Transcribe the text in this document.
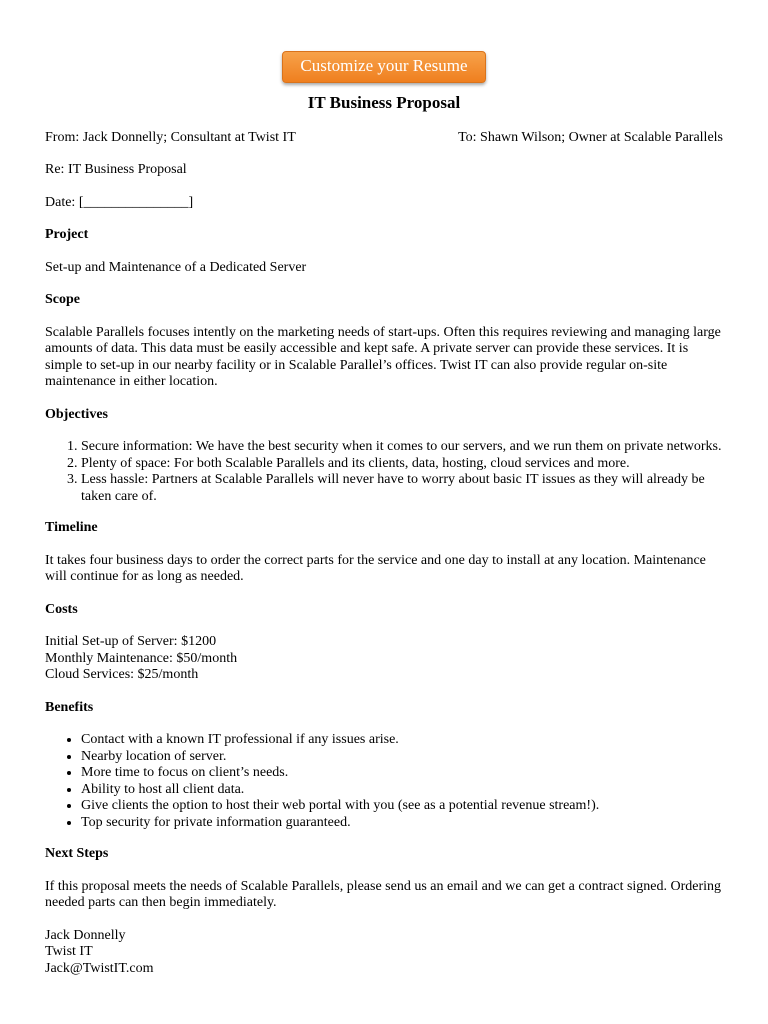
Customize your Resume
IT Business Proposal
From: Jack Donnelly; Consultant at Twist IT	To: Shawn Wilson; Owner at Scalable Parallels

Re: IT Business Proposal

Date: [_______________]

Project

Set-up and Maintenance of a Dedicated Server

Scope

Scalable Parallels focuses intently on the marketing needs of start-ups. Often this requires reviewing and managing large amounts of data. This data must be easily accessible and kept safe. A private server can provide these services. It is simple to set-up in our nearby facility or in Scalable Parallel’s offices. Twist IT can also provide regular on-site maintenance in either location.

Objectives
1. Secure information: We have the best security when it comes to our servers, and we run them on private networks.
2. Plenty of space: For both Scalable Parallels and its clients, data, hosting, cloud services and more.
3. Less hassle: Partners at Scalable Parallels will never have to worry about basic IT issues as they will already be taken care of.
Timeline

It takes four business days to order the correct parts for the service and one day to install at any location. Maintenance will continue for as long as needed.

Costs

Initial Set-up of Server: $1200
Monthly Maintenance: $50/month
Cloud Services: $25/month

Benefits
• Contact with a known IT professional if any issues arise.
• Nearby location of server.
• More time to focus on client’s needs.
• Ability to host all client data.
• Give clients the option to host their web portal with you (see as a potential revenue stream!).
• Top security for private information guaranteed.
Next Steps

If this proposal meets the needs of Scalable Parallels, please send us an email and we can get a contract signed. Ordering needed parts can then begin immediately.

Jack Donnelly
Twist IT
Jack@TwistIT.com
